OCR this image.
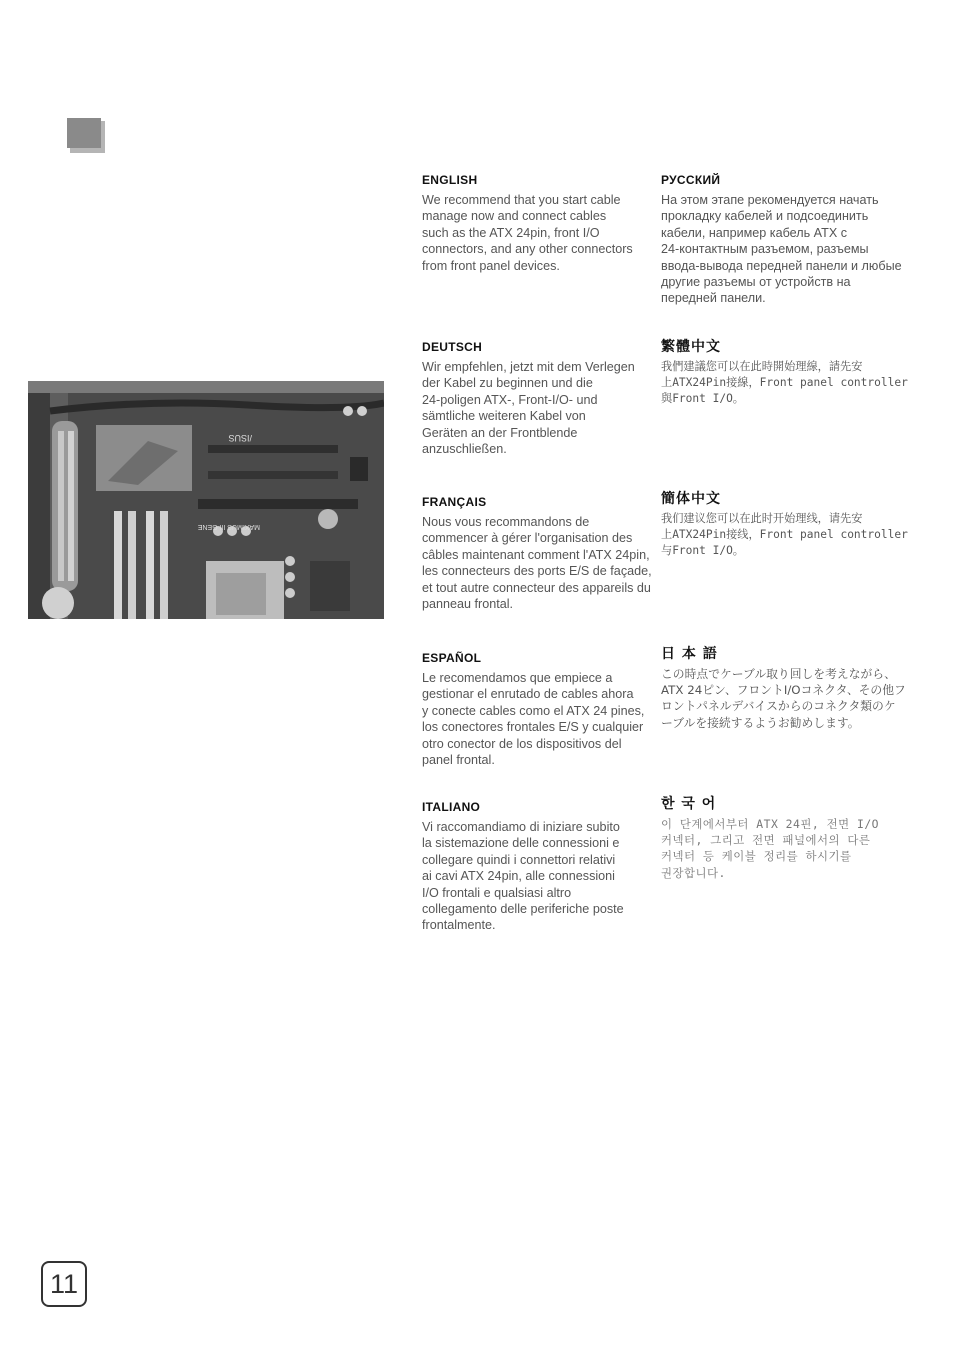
MAXIMUS III GENE
/ISUS
ENGLISH

We recommend that you start cable
manage now and connect cables
such as the ATX 24pin, front I/O
connectors, and any other connectors
from front panel devices.

РУССКИЙ

На этом этапе рекомендуется начать
прокладку кабелей и подсоединить
кабели, например кабель ATX с
24-контактным разъемом, разъемы
ввода-вывода передней панели и любые
другие разъемы от устройств на
передней панели.

DEUTSCH

Wir empfehlen, jetzt mit dem Verlegen
der Kabel zu beginnen und die
24-poligen ATX-, Front-I/O- und
sämtliche weiteren Kabel von
Geräten an der Frontblende
anzuschließen.

繁體中文

我們建議您可以在此時開始理線，請先安
上ATX24Pin接線，Front panel controller
與Front I/O。

FRANÇAIS

Nous vous recommandons de
commencer à gérer l'organisation des
câbles maintenant comment l'ATX 24pin,
les connecteurs des ports E/S de façade,
et tout autre connecteur des appareils du
panneau frontal.

簡体中文

我们建议您可以在此时开始理线，请先安
上ATX24Pin接线，Front panel controller
与Front I/O。

ESPAÑOL

Le recomendamos que empiece a
gestionar el enrutado de cables ahora
y conecte cables como el ATX 24 pines,
los conectores frontales E/S y cualquier
otro conector de los dispositivos del
panel frontal.

日 本 語

この時点でケーブル取り回しを考えながら、
ATX 24ピン、フロントI/Oコネクタ、その他フ
ロントパネルデバイスからのコネクタ類のケ
ーブルを接続するようお勧めします。

ITALIANO

Vi raccomandiamo di iniziare subito
la sistemazione delle connessioni e
collegare quindi i connettori relativi
ai cavi ATX 24pin, alle connessioni
I/O frontali e qualsiasi altro
collegamento delle periferiche poste
frontalmente.

한 국 어

이 단계에서부터 ATX 24핀, 전면 I/O
커넥터, 그리고 전면 패널에서의 다른
커넥터 등 케이블 정리를 하시기를
권장합니다.

11
